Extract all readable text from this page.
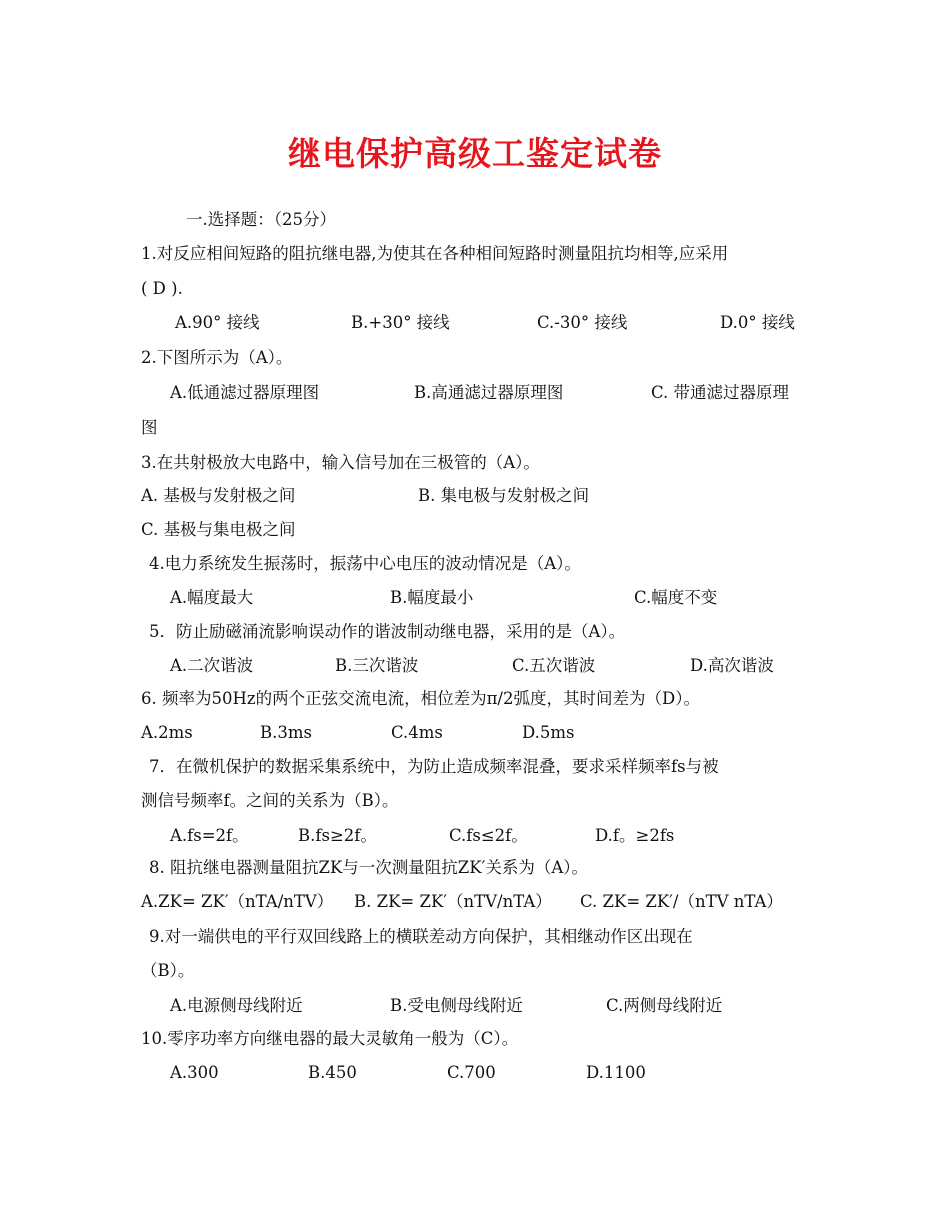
继电保护高级工鉴定试卷
一.选择题：（25分）
1.对反应相间短路的阻抗继电器,为使其在各种相间短路时测量阻抗均相等,应采用
( D ).
A.90° 接线	B.+30° 接线	C.-30° 接线	D.0° 接线
2.下图所示为（A）。
A.低通滤过器原理图	B.高通滤过器原理图	C. 带通滤过器原理
图
3.在共射极放大电路中，输入信号加在三极管的（A）。
A. 基极与发射极之间	B. 集电极与发射极之间
C. 基极与集电极之间
4.电力系统发生振荡时，振荡中心电压的波动情况是（A）。
A.幅度最大	B.幅度最小	C.幅度不变
5．防止励磁涌流影响误动作的谐波制动继电器，采用的是（A）。
A.二次谐波	B.三次谐波	C.五次谐波	D.高次谐波
6. 频率为50Hz的两个正弦交流电流，相位差为π/2弧度，其时间差为（D）。
A.2ms	B.3ms	C.4ms	D.5ms
7．在微机保护的数据采集系统中，为防止造成频率混叠，要求采样频率fs与被
测信号频率f。之间的关系为（B）。
A.fs=2f。	B.fs≥2f。	C.fs≤2f。	D.f。≥2fs
8. 阻抗继电器测量阻抗ZK与一次测量阻抗ZK′关系为（A）。
A.ZK= ZK′（nTA/nTV） B. ZK= ZK′（nTV/nTA） C. ZK= ZK′/（nTV nTA）
9.对一端供电的平行双回线路上的横联差动方向保护，其相继动作区出现在
（B）。
A.电源侧母线附近	B.受电侧母线附近	C.两侧母线附近
10.零序功率方向继电器的最大灵敏角一般为（C）。
A.300	B.450	C.700	D.1100
